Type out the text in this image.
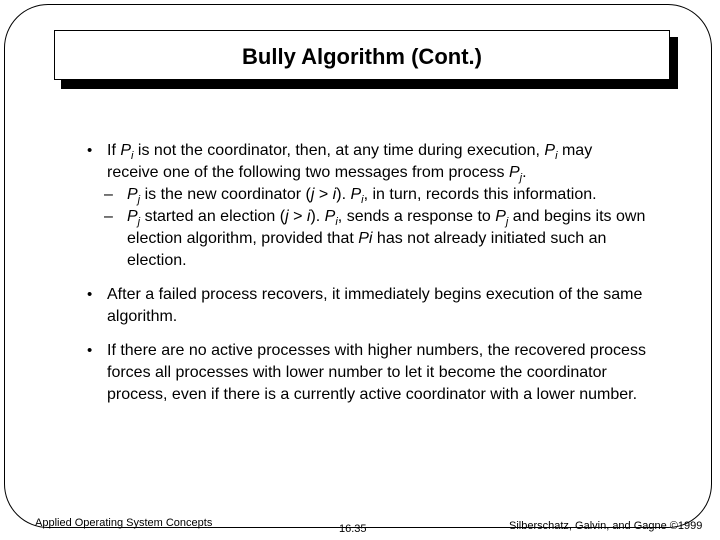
Bully Algorithm (Cont.)
• If $P_i$ is not the coordinator, then, at any time during execution, $P_i$ may receive one of the following two messages from process $P_j$.
– $P_j$ is the new coordinator (j > i). $P_i$, in turn, records this information.
– $P_j$ started an election (j > i). $P_i$, sends a response to $P_j$ and begins its own election algorithm, provided that Pi has not already initiated such an election.
• After a failed process recovers, it immediately begins execution of the same algorithm.
• If there are no active processes with higher numbers, the recovered process forces all processes with lower number to let it become the coordinator process, even if there is a currently active coordinator with a lower number.
Applied Operating System Concepts	16.35	Silberschatz, Galvin, and Gagne ©1999
